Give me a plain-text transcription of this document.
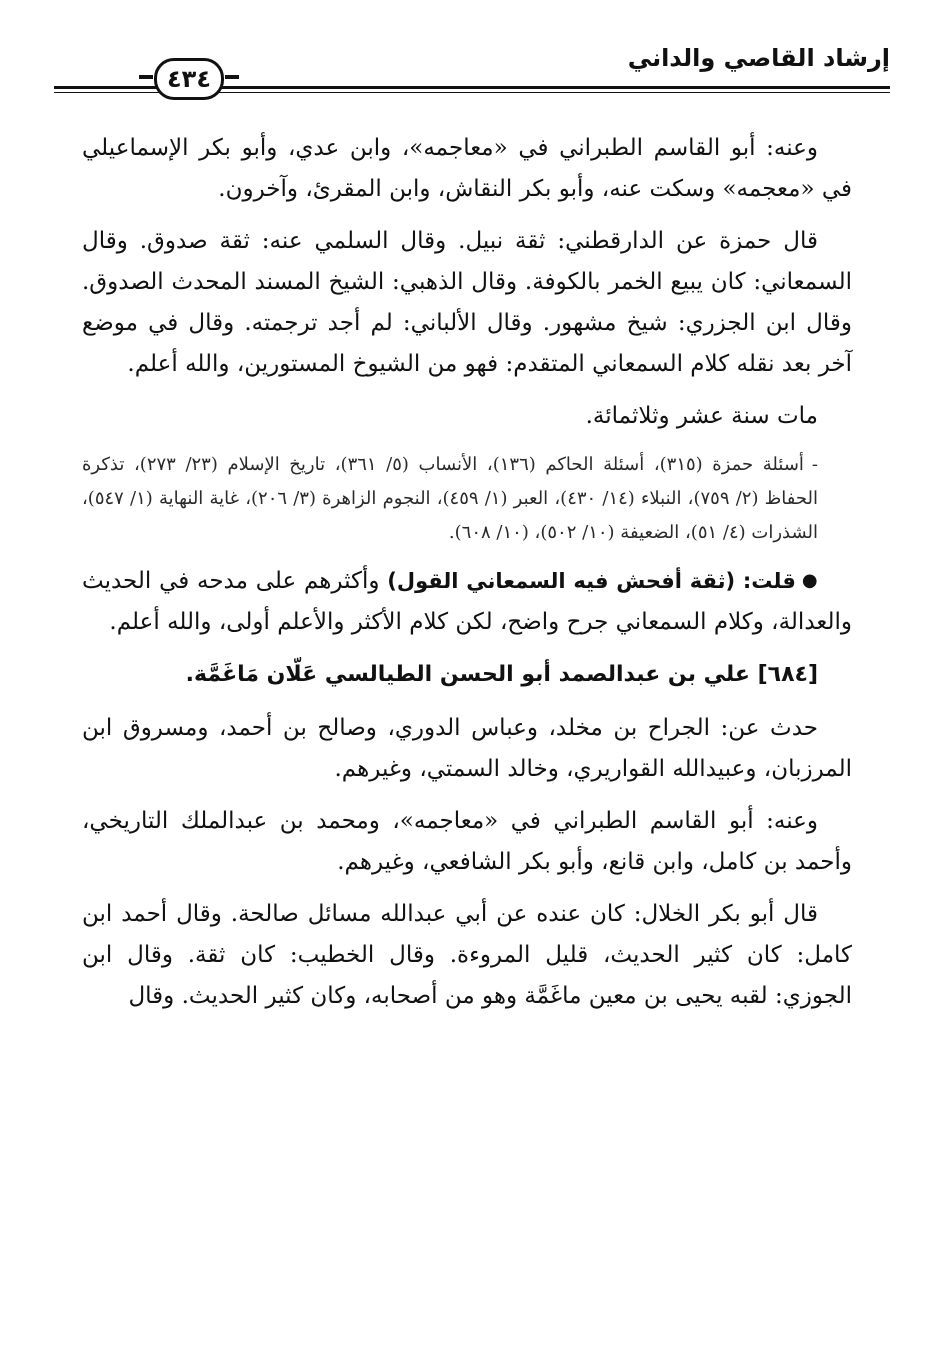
إرشاد القاصي والداني
٤٣٤

وعنه: أبو القاسم الطبراني في «معاجمه»، وابن عدي، وأبو بكر الإسماعيلي في «معجمه» وسكت عنه، وأبو بكر النقاش، وابن المقرئ، وآخرون.

قال حمزة عن الدارقطني: ثقة نبيل. وقال السلمي عنه: ثقة صدوق. وقال السمعاني: كان يبيع الخمر بالكوفة. وقال الذهبي: الشيخ المسند المحدث الصدوق. وقال ابن الجزري: شيخ مشهور. وقال الألباني: لم أجد ترجمته. وقال في موضع آخر بعد نقله كلام السمعاني المتقدم: فهو من الشيوخ المستورين، والله أعلم.

مات سنة عشر وثلاثمائة.

-أسئلة حمزة (٣١٥)، أسئلة الحاكم (١٣٦)، الأنساب (٥/ ٣٦١)، تاريخ الإسلام (٢٣/ ٢٧٣)، تذكرة الحفاظ (٢/ ٧٥٩)، النبلاء (١٤/ ٤٣٠)، العبر (١/ ٤٥٩)، النجوم الزاهرة (٣/ ٢٠٦)، غاية النهاية (١/ ٥٤٧)، الشذرات (٤/ ٥١)، الضعيفة (١٠/ ٥٠٢)، (١٠/ ٦٠٨).

●قلت: (ثقة أفحش فيه السمعاني القول) وأكثرهم على مدحه في الحديث والعدالة، وكلام السمعاني جرح واضح، لكن كلام الأكثر والأعلم أولى، والله أعلم.

[٦٨٤] علي بن عبدالصمد أبو الحسن الطيالسي عَلّان مَاغَمَّة.

حدث عن: الجراح بن مخلد، وعباس الدوري، وصالح بن أحمد، ومسروق ابن المرزبان، وعبيدالله القواريري، وخالد السمتي، وغيرهم.

وعنه: أبو القاسم الطبراني في «معاجمه»، ومحمد بن عبدالملك التاريخي، وأحمد بن كامل، وابن قانع، وأبو بكر الشافعي، وغيرهم.

قال أبو بكر الخلال: كان عنده عن أبي عبدالله مسائل صالحة. وقال أحمد ابن كامل: كان كثير الحديث، قليل المروءة. وقال الخطيب: كان ثقة. وقال ابن الجوزي: لقبه يحيى بن معين ماغَمَّة وهو من أصحابه، وكان كثير الحديث. وقال
